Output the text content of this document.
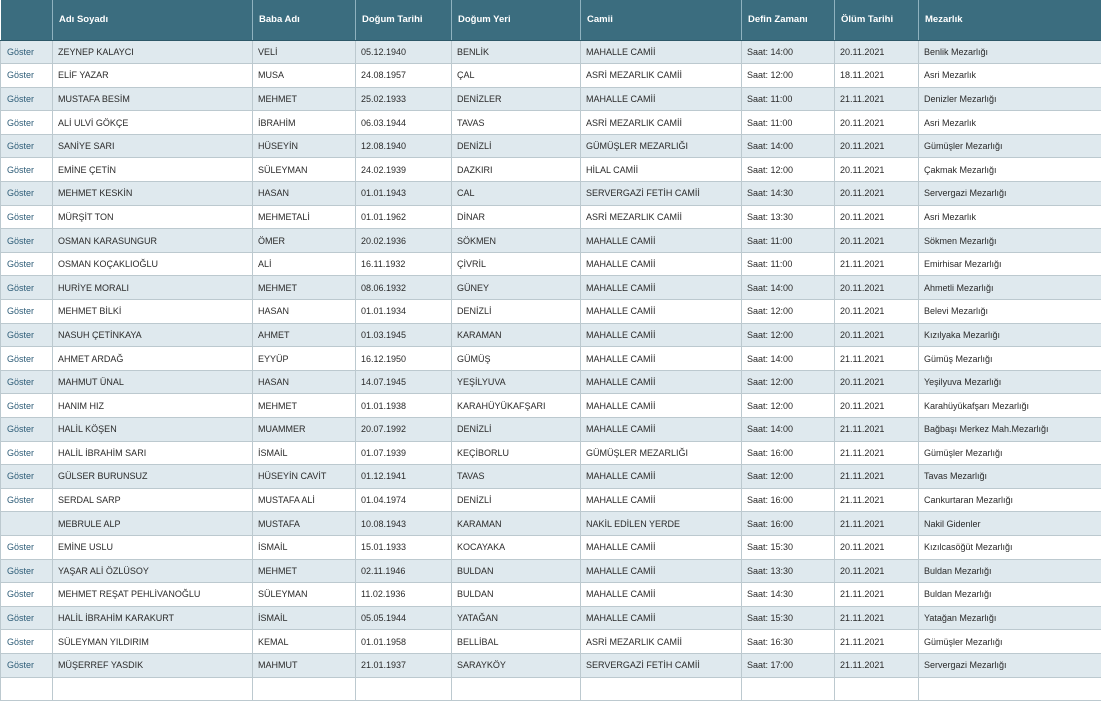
	Adı Soyadı	Baba Adı	Doğum Tarihi	Doğum Yeri	Camii	Defin Zamanı	Ölüm Tarihi	Mezarlık
Göster	ZEYNEP KALAYCI	VELİ	05.12.1940	BENLİK	MAHALLE CAMİİ	Saat: 14:00	20.11.2021	Benlik Mezarlığı
Göster	ELİF YAZAR	MUSA	24.08.1957	ÇAL	ASRİ MEZARLIK CAMİİ	Saat: 12:00	18.11.2021	Asri Mezarlık
Göster	MUSTAFA BESİM	MEHMET	25.02.1933	DENİZLER	MAHALLE CAMİİ	Saat: 11:00	21.11.2021	Denizler Mezarlığı
Göster	ALİ ULVİ GÖKÇE	İBRAHİM	06.03.1944	TAVAS	ASRİ MEZARLIK CAMİİ	Saat: 11:00	20.11.2021	Asri Mezarlık
Göster	SANİYE SARI	HÜSEYİN	12.08.1940	DENİZLİ	GÜMÜŞLER MEZARLIĞI	Saat: 14:00	20.11.2021	Gümüşler Mezarlığı
Göster	EMİNE ÇETİN	SÜLEYMAN	24.02.1939	DAZKIRI	HİLAL CAMİİ	Saat: 12:00	20.11.2021	Çakmak Mezarlığı
Göster	MEHMET KESKİN	HASAN	01.01.1943	CAL	SERVERGAZİ FETİH CAMİİ	Saat: 14:30	20.11.2021	Servergazi Mezarlığı
Göster	MÜRŞİT TON	MEHMETALİ	01.01.1962	DİNAR	ASRİ MEZARLIK CAMİİ	Saat: 13:30	20.11.2021	Asri Mezarlık
Göster	OSMAN KARASUNGUR	ÖMER	20.02.1936	SÖKMEN	MAHALLE CAMİİ	Saat: 11:00	20.11.2021	Sökmen Mezarlığı
Göster	OSMAN KOÇAKLIOĞLU	ALİ	16.11.1932	ÇİVRİL	MAHALLE CAMİİ	Saat: 11:00	21.11.2021	Emirhisar Mezarlığı
Göster	HURİYE MORALI	MEHMET	08.06.1932	GÜNEY	MAHALLE CAMİİ	Saat: 14:00	20.11.2021	Ahmetli Mezarlığı
Göster	MEHMET BİLKİ	HASAN	01.01.1934	DENİZLİ	MAHALLE CAMİİ	Saat: 12:00	20.11.2021	Belevi Mezarlığı
Göster	NASUH ÇETİNKAYA	AHMET	01.03.1945	KARAMAN	MAHALLE CAMİİ	Saat: 12:00	20.11.2021	Kızılyaka Mezarlığı
Göster	AHMET ARDAĞ	EYYÜP	16.12.1950	GÜMÜŞ	MAHALLE CAMİİ	Saat: 14:00	21.11.2021	Gümüş Mezarlığı
Göster	MAHMUT ÜNAL	HASAN	14.07.1945	YEŞİLYUVA	MAHALLE CAMİİ	Saat: 12:00	20.11.2021	Yeşilyuva Mezarlığı
Göster	HANIM HIZ	MEHMET	01.01.1938	KARAHÜYÜKAFŞARI	MAHALLE CAMİİ	Saat: 12:00	20.11.2021	Karahüyükafşarı Mezarlığı
Göster	HALİL KÖŞEN	MUAMMER	20.07.1992	DENİZLİ	MAHALLE CAMİİ	Saat: 14:00	21.11.2021	Bağbaşı Merkez Mah.Mezarlığı
Göster	HALİL İBRAHİM SARI	İSMAİL	01.07.1939	KEÇİBORLU	GÜMÜŞLER MEZARLIĞI	Saat: 16:00	21.11.2021	Gümüşler Mezarlığı
Göster	GÜLSER BURUNSUZ	HÜSEYİN CAVİT	01.12.1941	TAVAS	MAHALLE CAMİİ	Saat: 12:00	21.11.2021	Tavas Mezarlığı
Göster	SERDAL SARP	MUSTAFA ALİ	01.04.1974	DENİZLİ	MAHALLE CAMİİ	Saat: 16:00	21.11.2021	Cankurtaran Mezarlığı
	MEBRULE ALP	MUSTAFA	10.08.1943	KARAMAN	NAKİL EDİLEN YERDE	Saat: 16:00	21.11.2021	Nakil Gidenler
Göster	EMİNE USLU	İSMAİL	15.01.1933	KOCAYAKA	MAHALLE CAMİİ	Saat: 15:30	20.11.2021	Kızılcasöğüt Mezarlığı
Göster	YAŞAR ALİ ÖZLÜSOY	MEHMET	02.11.1946	BULDAN	MAHALLE CAMİİ	Saat: 13:30	20.11.2021	Buldan Mezarlığı
Göster	MEHMET REŞAT PEHLİVANOĞLU	SÜLEYMAN	11.02.1936	BULDAN	MAHALLE CAMİİ	Saat: 14:30	21.11.2021	Buldan Mezarlığı
Göster	HALİL İBRAHİM KARAKURT	İSMAİL	05.05.1944	YATAĞAN	MAHALLE CAMİİ	Saat: 15:30	21.11.2021	Yatağan Mezarlığı
Göster	SÜLEYMAN YILDIRIM	KEMAL	01.01.1958	BELLİBAL	ASRİ MEZARLIK CAMİİ	Saat: 16:30	21.11.2021	Gümüşler Mezarlığı
Göster	MÜŞERREF YASDIK	MAHMUT	21.01.1937	SARAYKÖY	SERVERGAZİ FETİH CAMİİ	Saat: 17:00	21.11.2021	Servergazi Mezarlığı
